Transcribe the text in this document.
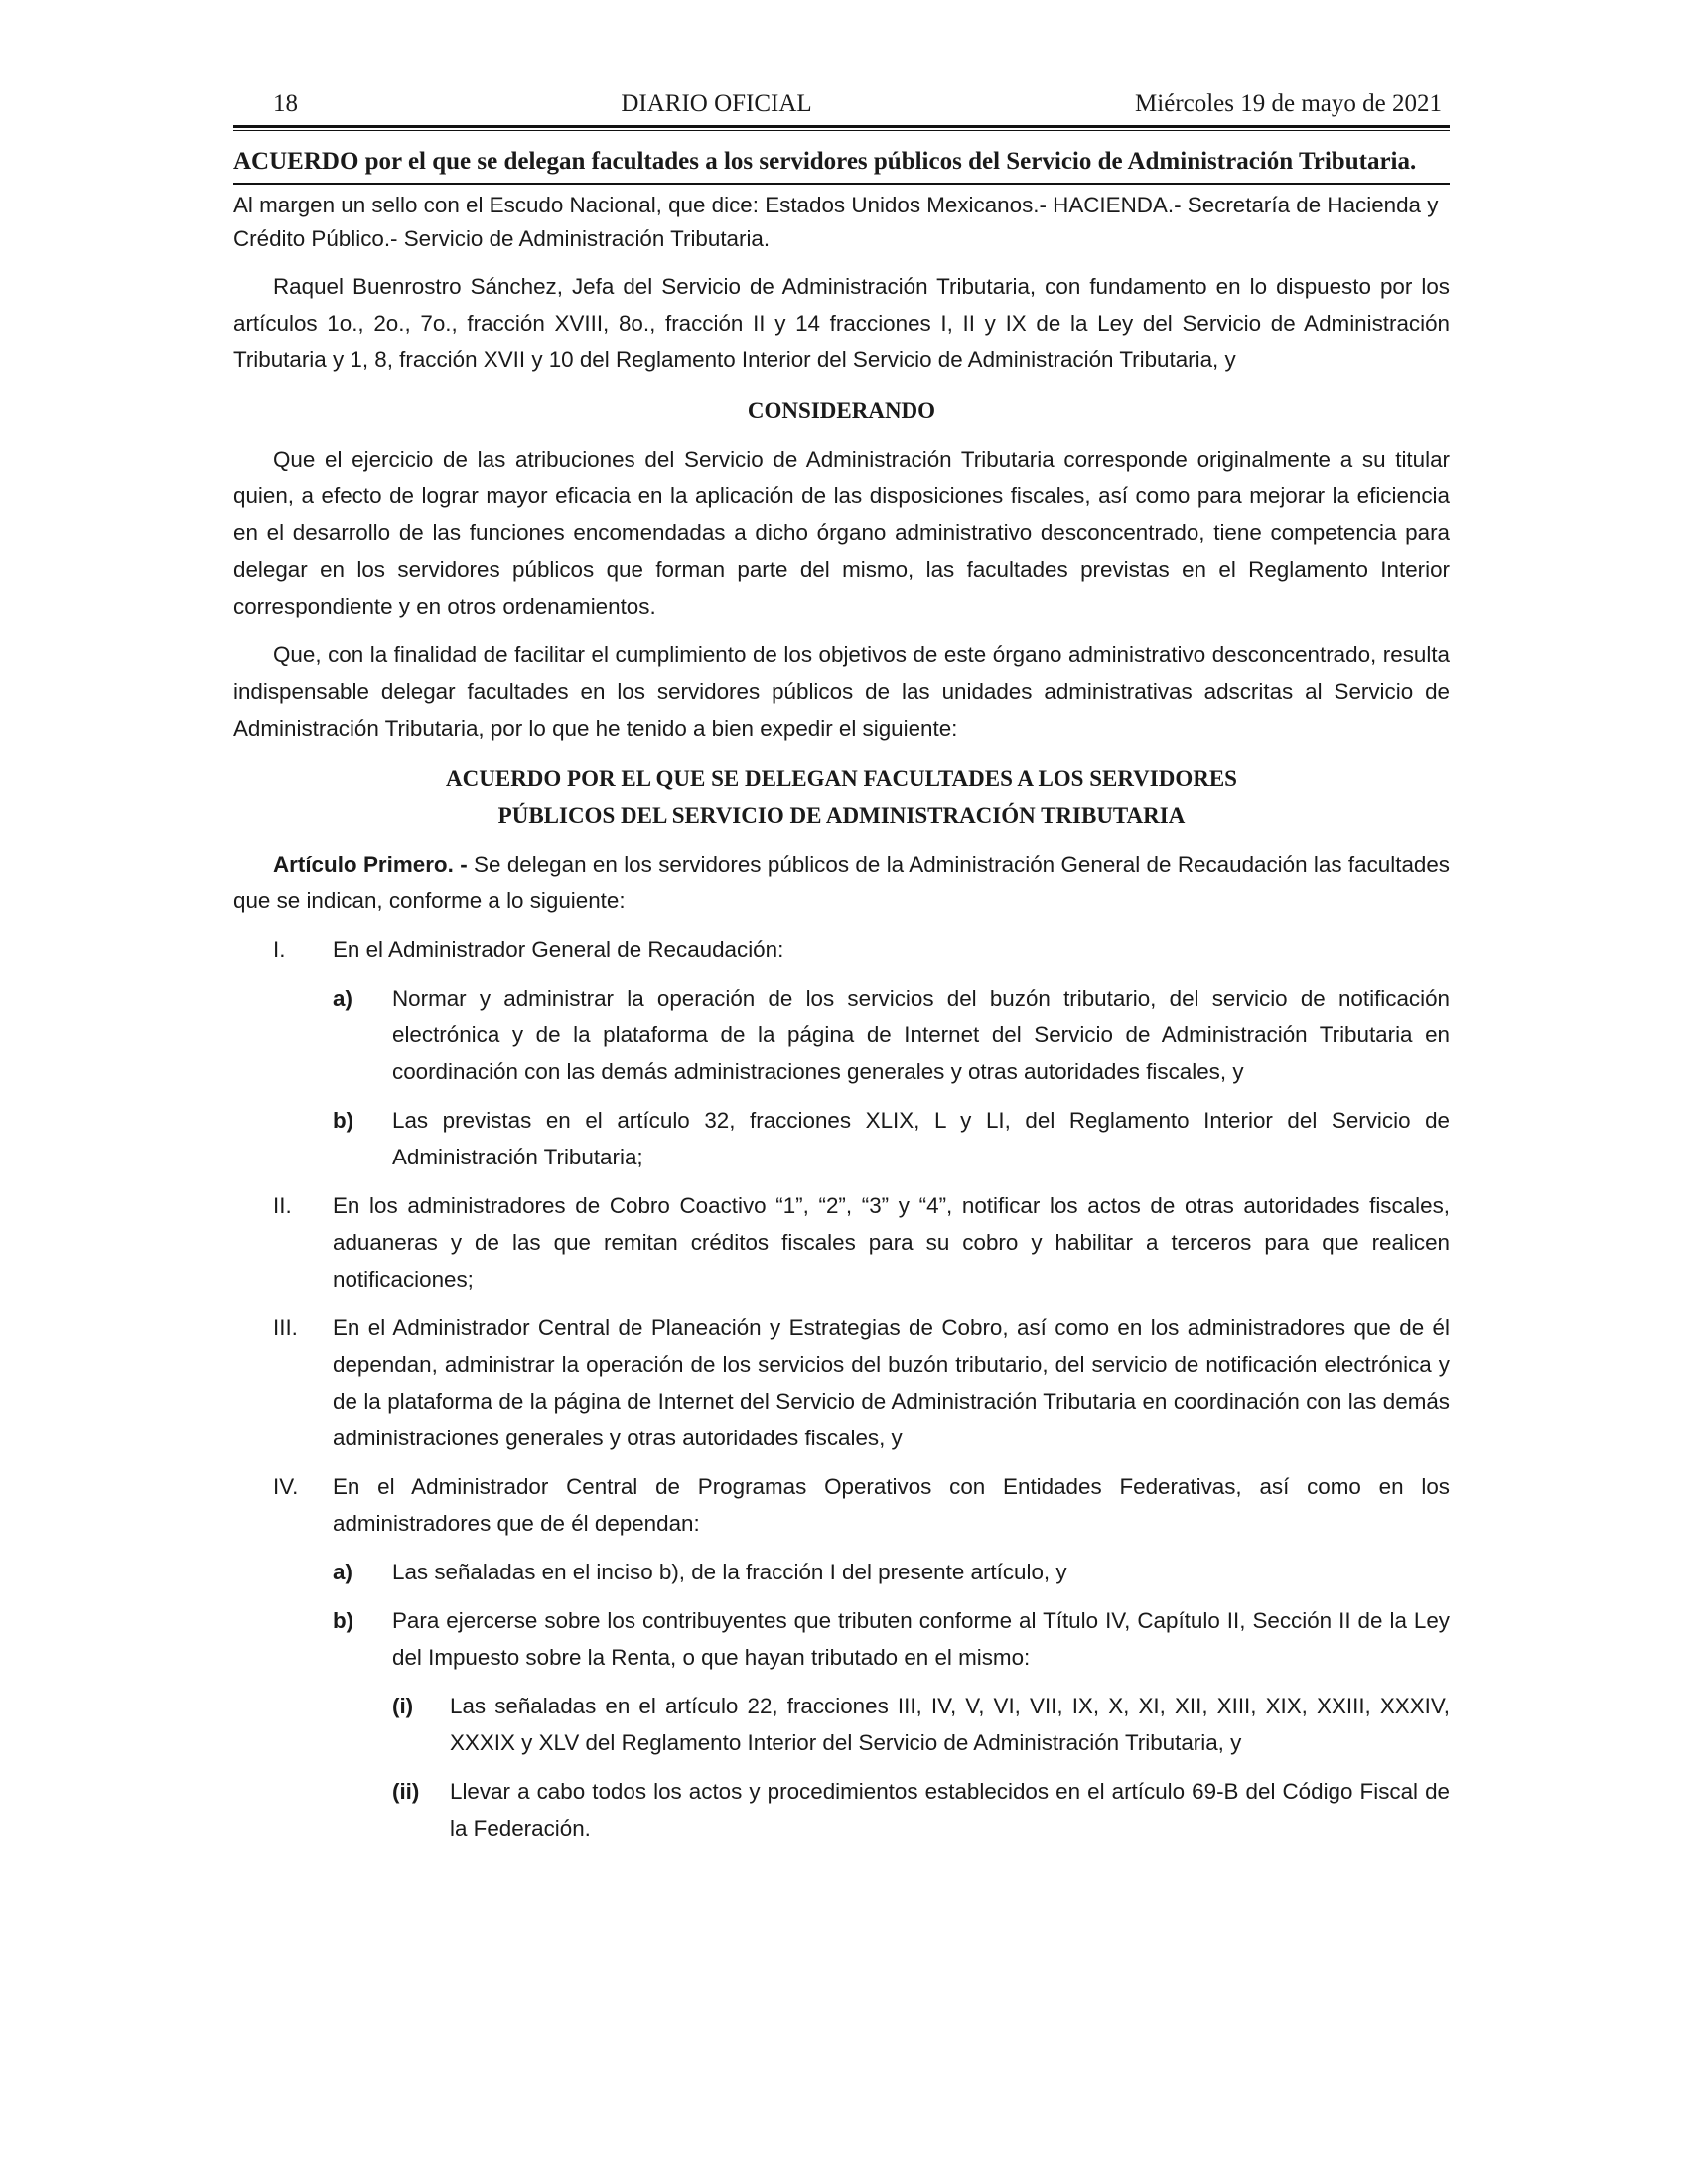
18	DIARIO OFICIAL	Miércoles 19 de mayo de 2021
ACUERDO por el que se delegan facultades a los servidores públicos del Servicio de Administración Tributaria.
Al margen un sello con el Escudo Nacional, que dice: Estados Unidos Mexicanos.- HACIENDA.- Secretaría de Hacienda y Crédito Público.- Servicio de Administración Tributaria.

Raquel Buenrostro Sánchez, Jefa del Servicio de Administración Tributaria, con fundamento en lo dispuesto por los artículos 1o., 2o., 7o., fracción XVIII, 8o., fracción II y 14 fracciones I, II y IX de la Ley del Servicio de Administración Tributaria y 1, 8, fracción XVII y 10 del Reglamento Interior del Servicio de Administración Tributaria, y

CONSIDERANDO

Que el ejercicio de las atribuciones del Servicio de Administración Tributaria corresponde originalmente a su titular quien, a efecto de lograr mayor eficacia en la aplicación de las disposiciones fiscales, así como para mejorar la eficiencia en el desarrollo de las funciones encomendadas a dicho órgano administrativo desconcentrado, tiene competencia para delegar en los servidores públicos que forman parte del mismo, las facultades previstas en el Reglamento Interior correspondiente y en otros ordenamientos.

Que, con la finalidad de facilitar el cumplimiento de los objetivos de este órgano administrativo desconcentrado, resulta indispensable delegar facultades en los servidores públicos de las unidades administrativas adscritas al Servicio de Administración Tributaria, por lo que he tenido a bien expedir el siguiente:

ACUERDO POR EL QUE SE DELEGAN FACULTADES A LOS SERVIDORES
PÚBLICOS DEL SERVICIO DE ADMINISTRACIÓN TRIBUTARIA

Artículo Primero. - Se delegan en los servidores públicos de la Administración General de Recaudación las facultades que se indican, conforme a lo siguiente:

I.	En el Administrador General de Recaudación:
a)	Normar y administrar la operación de los servicios del buzón tributario, del servicio de notificación electrónica y de la plataforma de la página de Internet del Servicio de Administración Tributaria en coordinación con las demás administraciones generales y otras autoridades fiscales, y
b)	Las previstas en el artículo 32, fracciones XLIX, L y LI, del Reglamento Interior del Servicio de Administración Tributaria;
II.	En los administradores de Cobro Coactivo “1”, “2”, “3” y “4”, notificar los actos de otras autoridades fiscales, aduaneras y de las que remitan créditos fiscales para su cobro y habilitar a terceros para que realicen notificaciones;
III.	En el Administrador Central de Planeación y Estrategias de Cobro, así como en los administradores que de él dependan, administrar la operación de los servicios del buzón tributario, del servicio de notificación electrónica y de la plataforma de la página de Internet del Servicio de Administración Tributaria en coordinación con las demás administraciones generales y otras autoridades fiscales, y
IV.	En el Administrador Central de Programas Operativos con Entidades Federativas, así como en los administradores que de él dependan:
a)	Las señaladas en el inciso b), de la fracción I del presente artículo, y
b)	Para ejercerse sobre los contribuyentes que tributen conforme al Título IV, Capítulo II, Sección II de la Ley del Impuesto sobre la Renta, o que hayan tributado en el mismo:
(i)	Las señaladas en el artículo 22, fracciones III, IV, V, VI, VII, IX, X, XI, XII, XIII, XIX, XXIII, XXXIV, XXXIX y XLV del Reglamento Interior del Servicio de Administración Tributaria, y
(ii)	Llevar a cabo todos los actos y procedimientos establecidos en el artículo 69-B del Código Fiscal de la Federación.
